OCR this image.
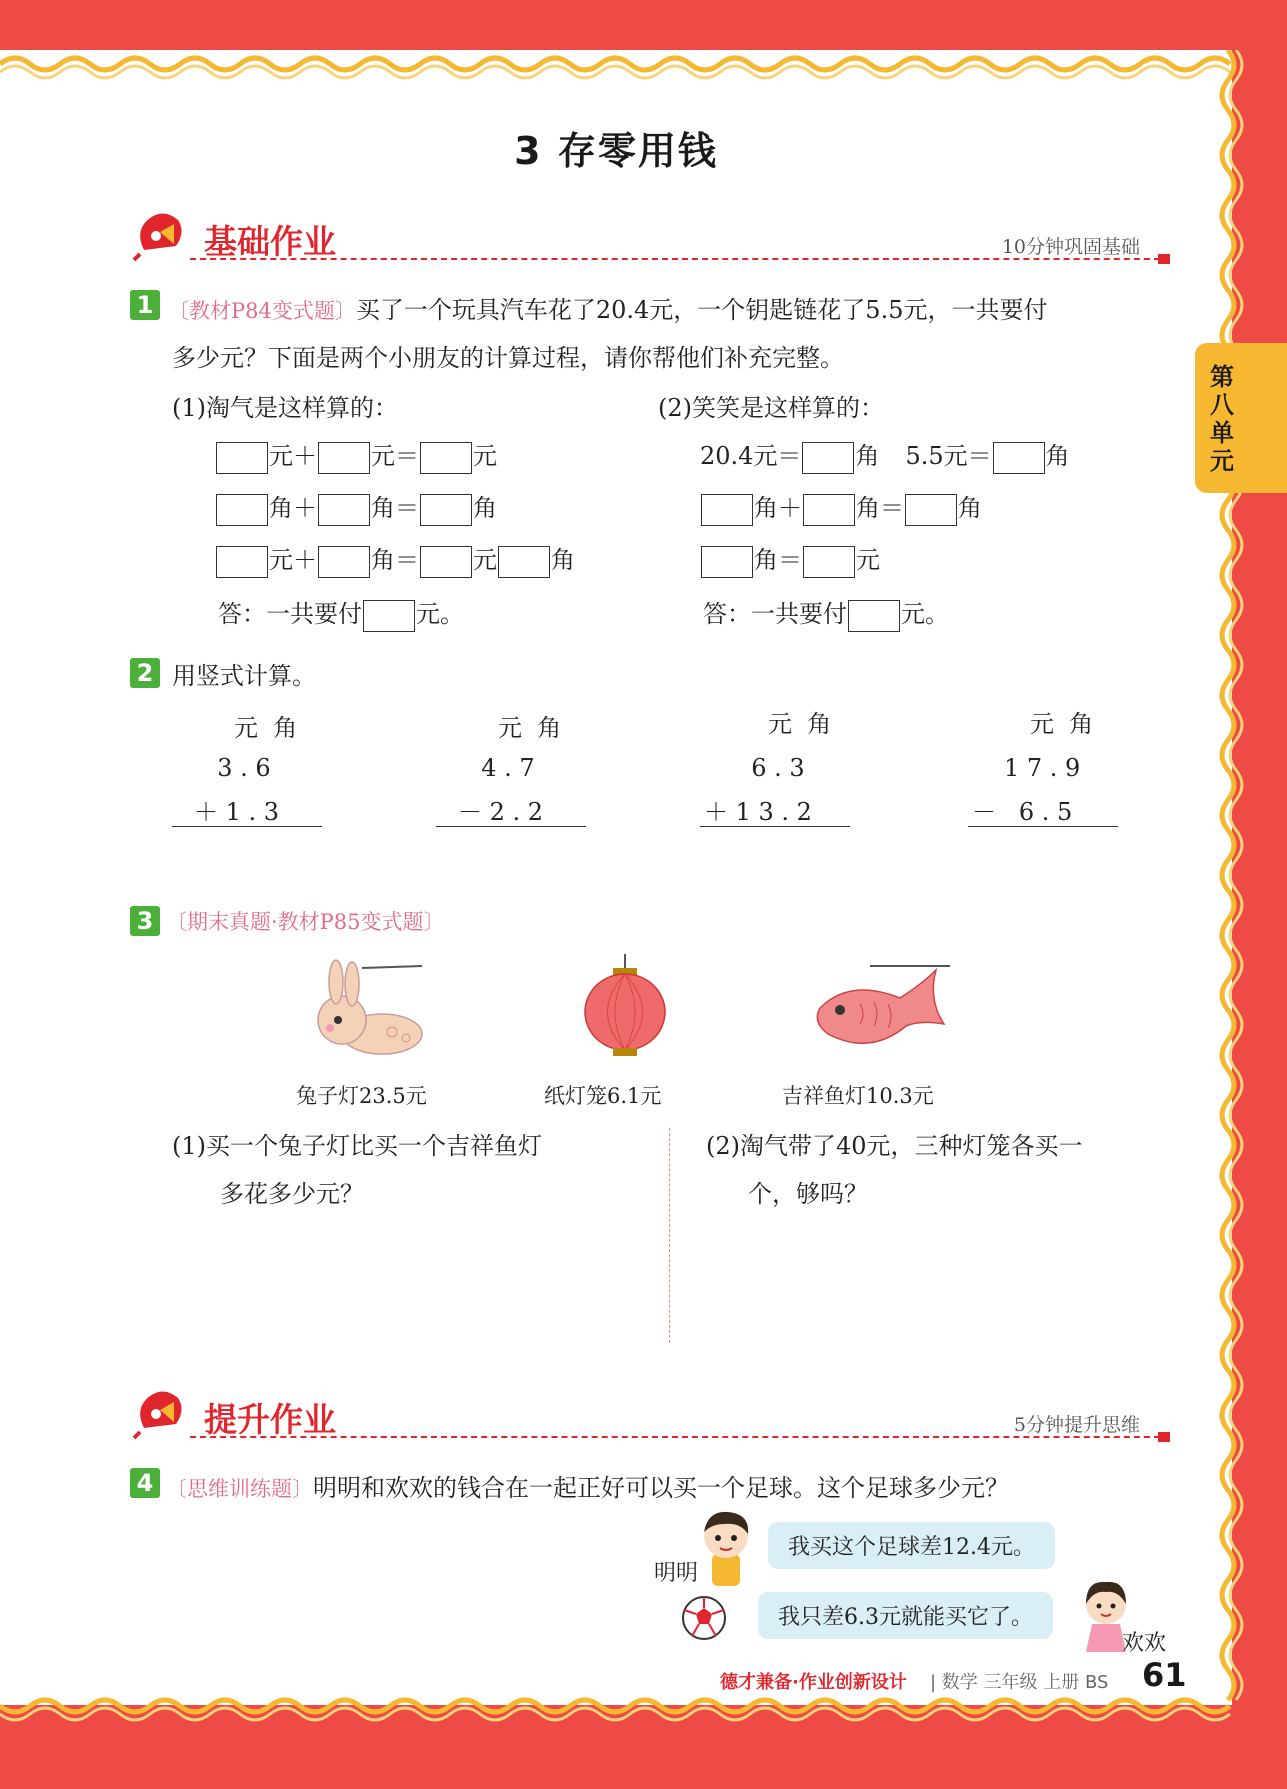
第八单元
3 存零用钱
基础作业	10分钟巩固基础
1 〔教材P84变式题〕买了一个玩具汽车花了20.4元，一个钥匙链花了5.5元，一共要付
多少元？下面是两个小朋友的计算过程，请你帮他们补充完整。
(1)淘气是这样算的：	(2)笑笑是这样算的：
元＋ 元＝ 元
角＋ 角＝ 角
元＋ 角＝ 元 角
答：一共要付 元。
20.4元＝ 角 5.5元＝ 角
角＋ 角＝ 角
角＝ 元
答：一共要付 元。
2 用竖式计算。
元  角
3 . 6
＋ 1 . 3
元  角
4 . 7
－ 2 . 2
元  角
6 . 3
＋ 1 3 . 2
元  角
1 7 . 9
－   6 . 5
3 〔期末真题·教材P85变式题〕
兔子灯23.5元	纸灯笼6.1元	吉祥鱼灯10.3元
(1)买一个兔子灯比买一个吉祥鱼灯
多花多少元？
(2)淘气带了40元，三种灯笼各买一
个，够吗？
提升作业	5分钟提升思维
4 〔思维训练题〕明明和欢欢的钱合在一起正好可以买一个足球。这个足球多少元？
明明
我买这个足球差12.4元。
我只差6.3元就能买它了。
欢欢
德才兼备·作业创新设计 | 数学 三年级 上册 BS 61
